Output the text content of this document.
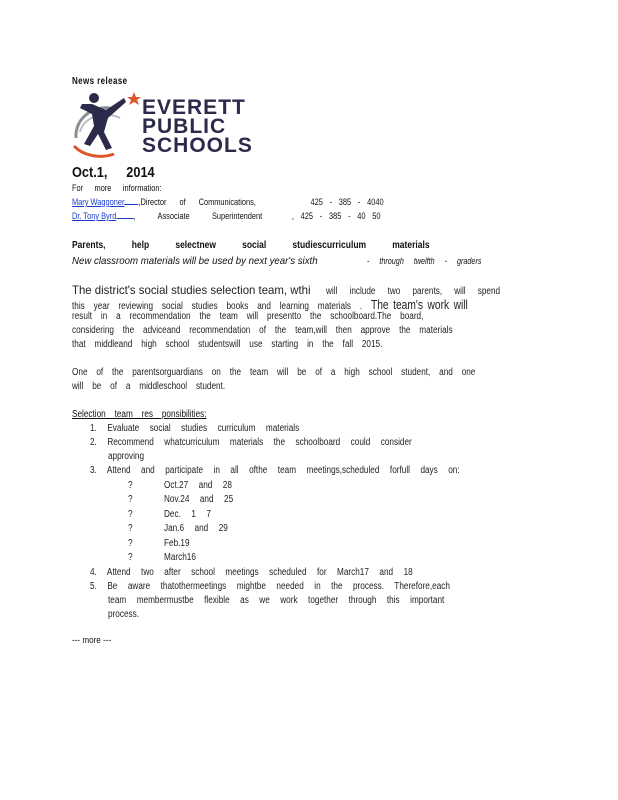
News release
EVERETT
PUBLIC
SCHOOLS
Oct.1, 2014
For more information:
Mary Waggoner ,Director of Communications,	425 - 385 - 4040
Dr. Tony Byrd , Associate Superintendent	, 425 - 385 - 40 50
Parents, help selectnew social studiescurriculum materials
New classroom materials will be used by next year's sixth	- through twelfth - graders
The district's social studies selection team, wthi will include two parents, will spend
this year reviewing social studies books and learning materials . The team's work will
result in a recommendation the team will presentto the schoolboard.The board,
considering the adviceand recommendation of the team,will then approve the materials
that middleand high school studentswill use starting in the fall 2015.
One of the parentsorguardians on the team will be of a high school student, and one
will be of a middleschool student.
Selection team res ponsibilities:
1. Evaluate social studies curriculum materials
2. Recommend whatcurriculum materials the schoolboard could consider
approving
3. Attend and participate in all ofthe team meetings,scheduled forfull days on:
?	Oct.27 and 28
?	Nov.24 and 25
?	Dec. 1 7
?	Jan.6 and 29
?	Feb.19
?	March16
4. Attend two after school meetings scheduled for March17 and 18
5. Be aware thatothermeetings mightbe needed in the process. Therefore,each
team membermustbe flexible as we work together through this important
process.
--- more ---
